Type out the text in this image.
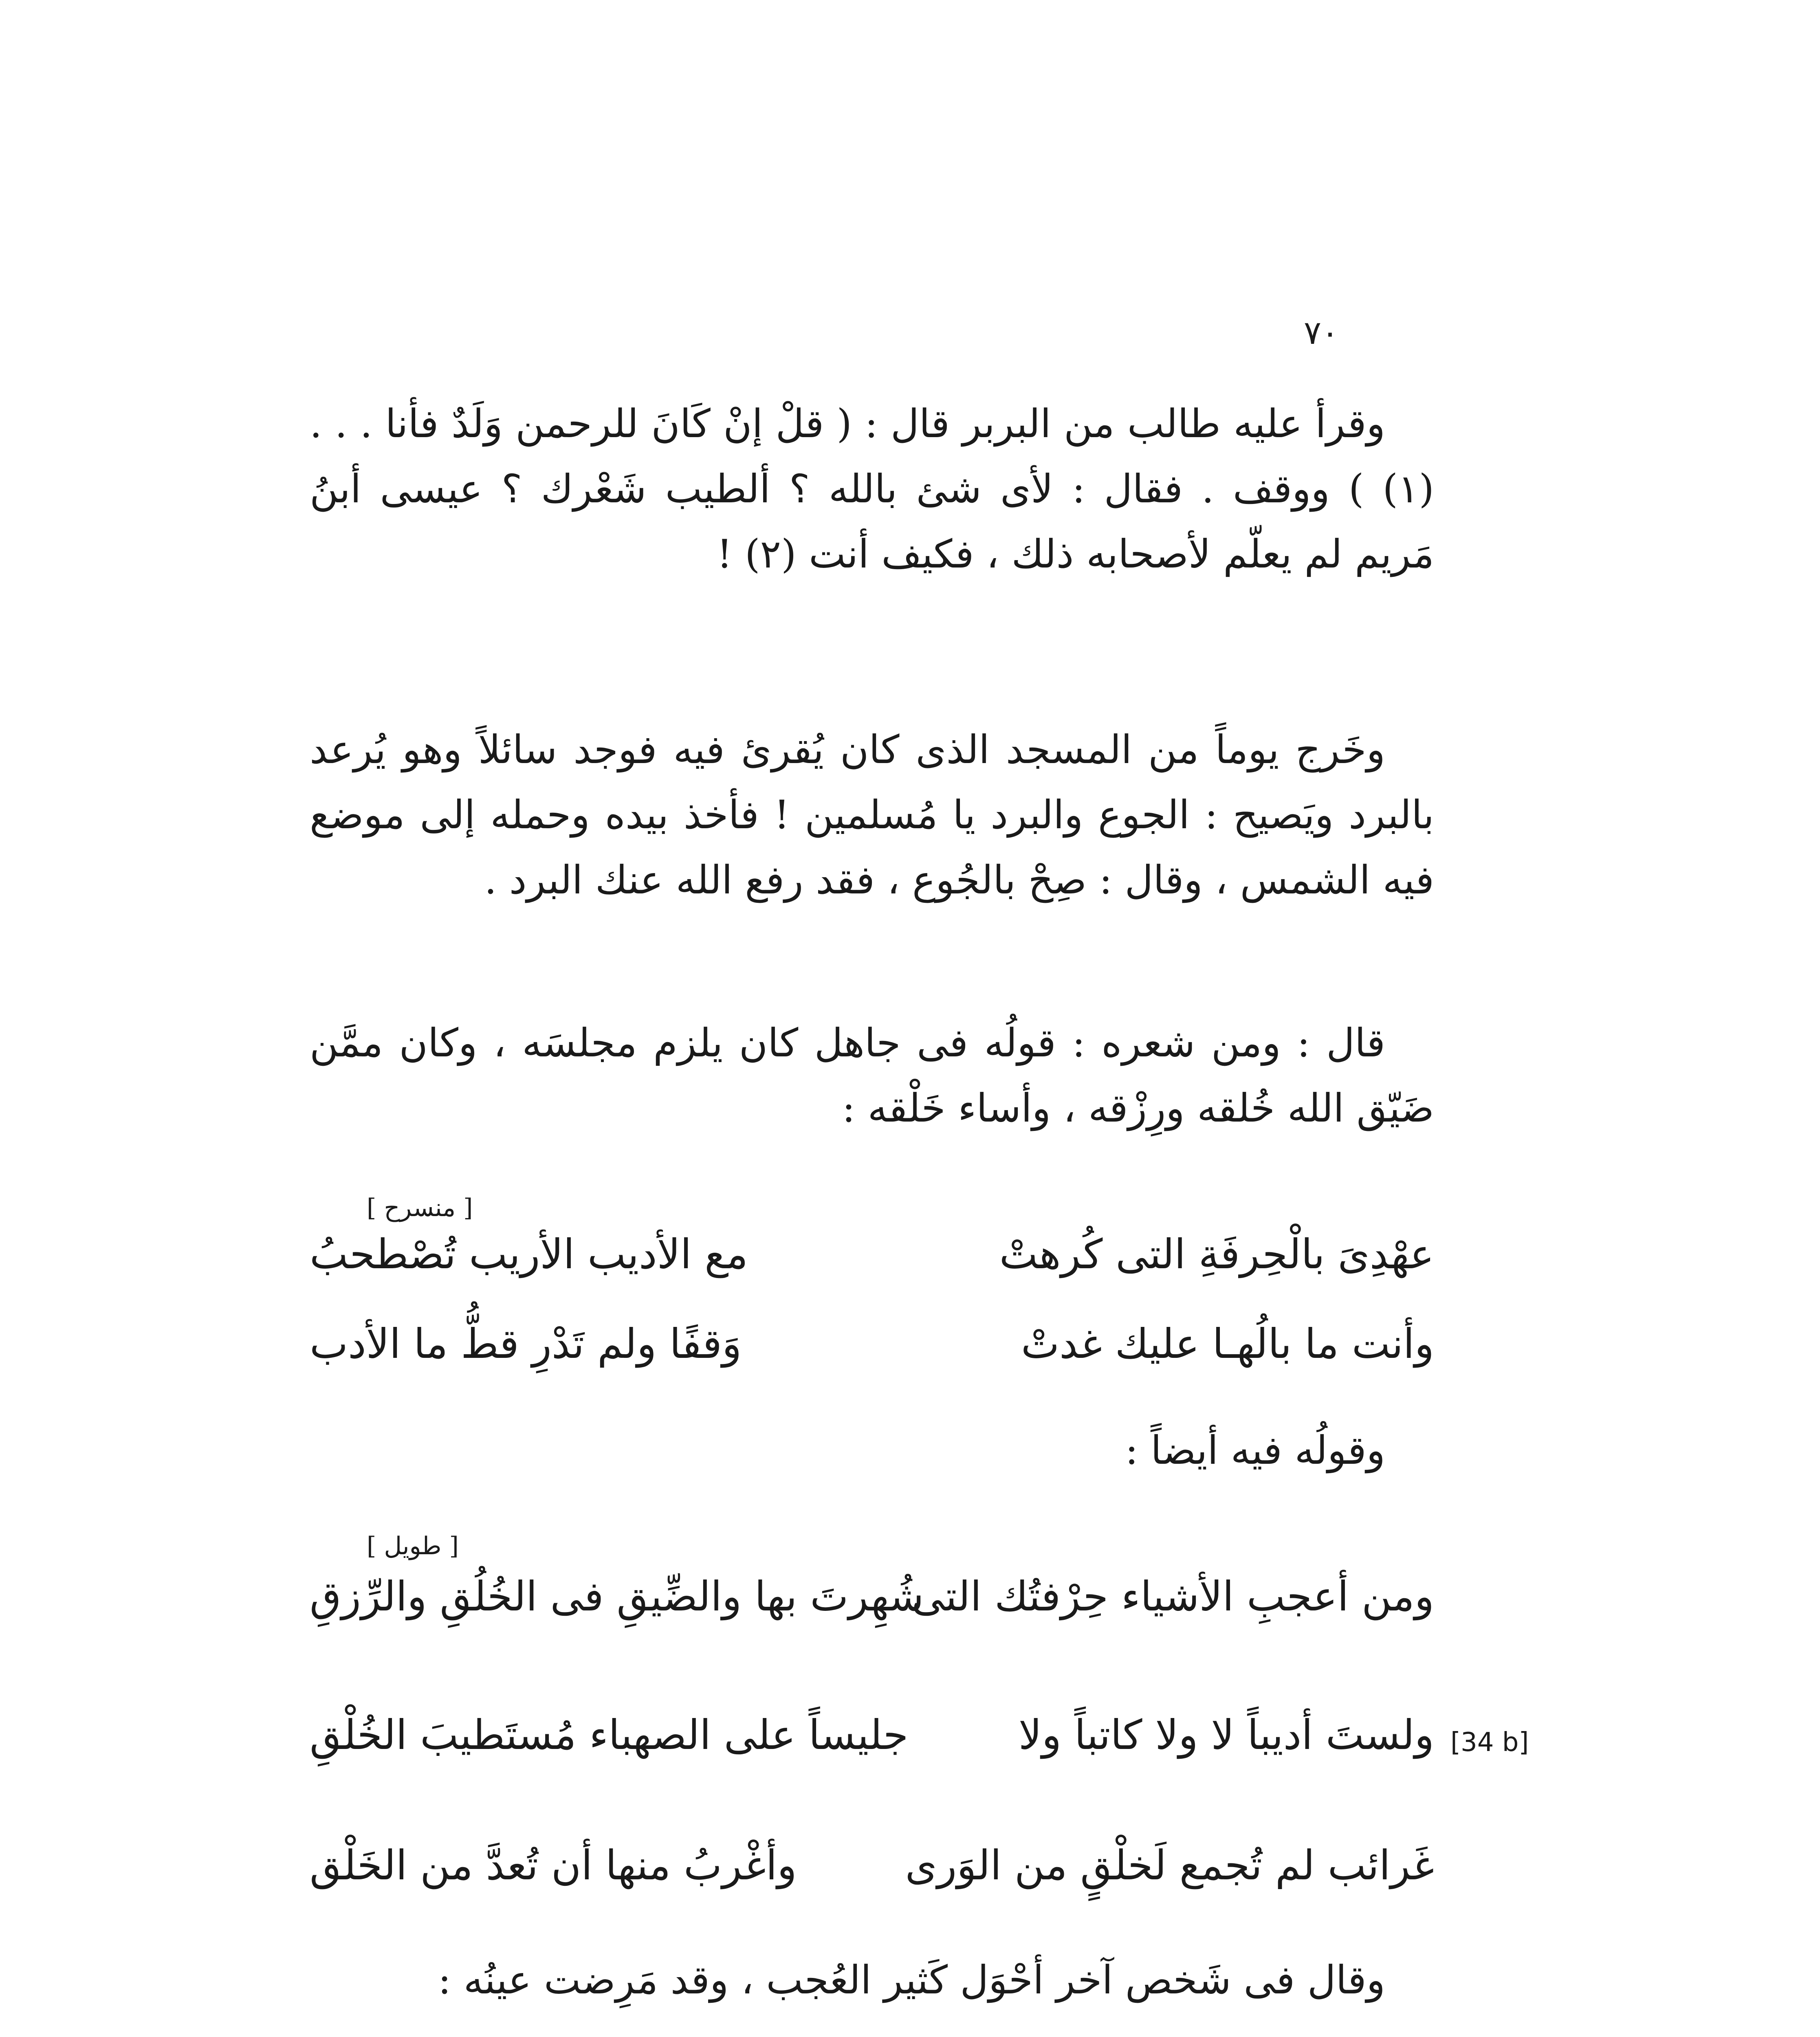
٧٠

وقرأ عليه طالب من البربر قال : ( قلْ إنْ كَانَ للرحمن وَلَدٌ فأنا . . . (١) ) ووقف . فقال : لأى شئ بالله ؟ ألطيب شَعْرك ؟ عيسى أبنُ مَريم لم يعلّم لأصحابه ذلك ، فكيف أنت (٢) !

وخَرج يوماً من المسجد الذى كان يُقرئ فيه فوجد سائلاً وهو يُرعد بالبرد ويَصيح : الجوع والبرد يا مُسلمين ! فأخذ بيده وحمله إلى موضع فيه الشمس ، وقال : صِحْ بالجُوع ، فقد رفع الله عنك البرد .

قال : ومن شعره : قولُه فى جاهل كان يلزم مجلسَه ، وكان ممَّن ضَيّق الله خُلقه ورِزْقه ، وأساء خَلْقه :

[ منسرح ]
عهْدِىَ بالْحِرفَةِ التى كُرهتْ
مع الأديب الأريب تُصْطحبُ
وأنت ما بالُهـا عليك غدتْ
وَقفًا ولم تَدْرِ قطُّ ما الأدب

وقولُه فيه أيضاً :

[ طويل ]
ومن أعجبِ الأشياء حِرْفتُك التى
شُهِرتَ بها والضِّيقِ فى الخُلُقِ والرِّزقِ
ولستَ أديباً لا ولا كاتباً ولا
جليساً على الصهباء مُستَطيبَ الخُلْقِ	[34 b]
غَرائب لم تُجمع لَخلْقٍ من الوَرى
وأغْربُ منها أن تُعدَّ من الخَلْق

وقال فى شَخص آخر أحْوَل كَثير العُجب ، وقد مَرِضت عينُه :
